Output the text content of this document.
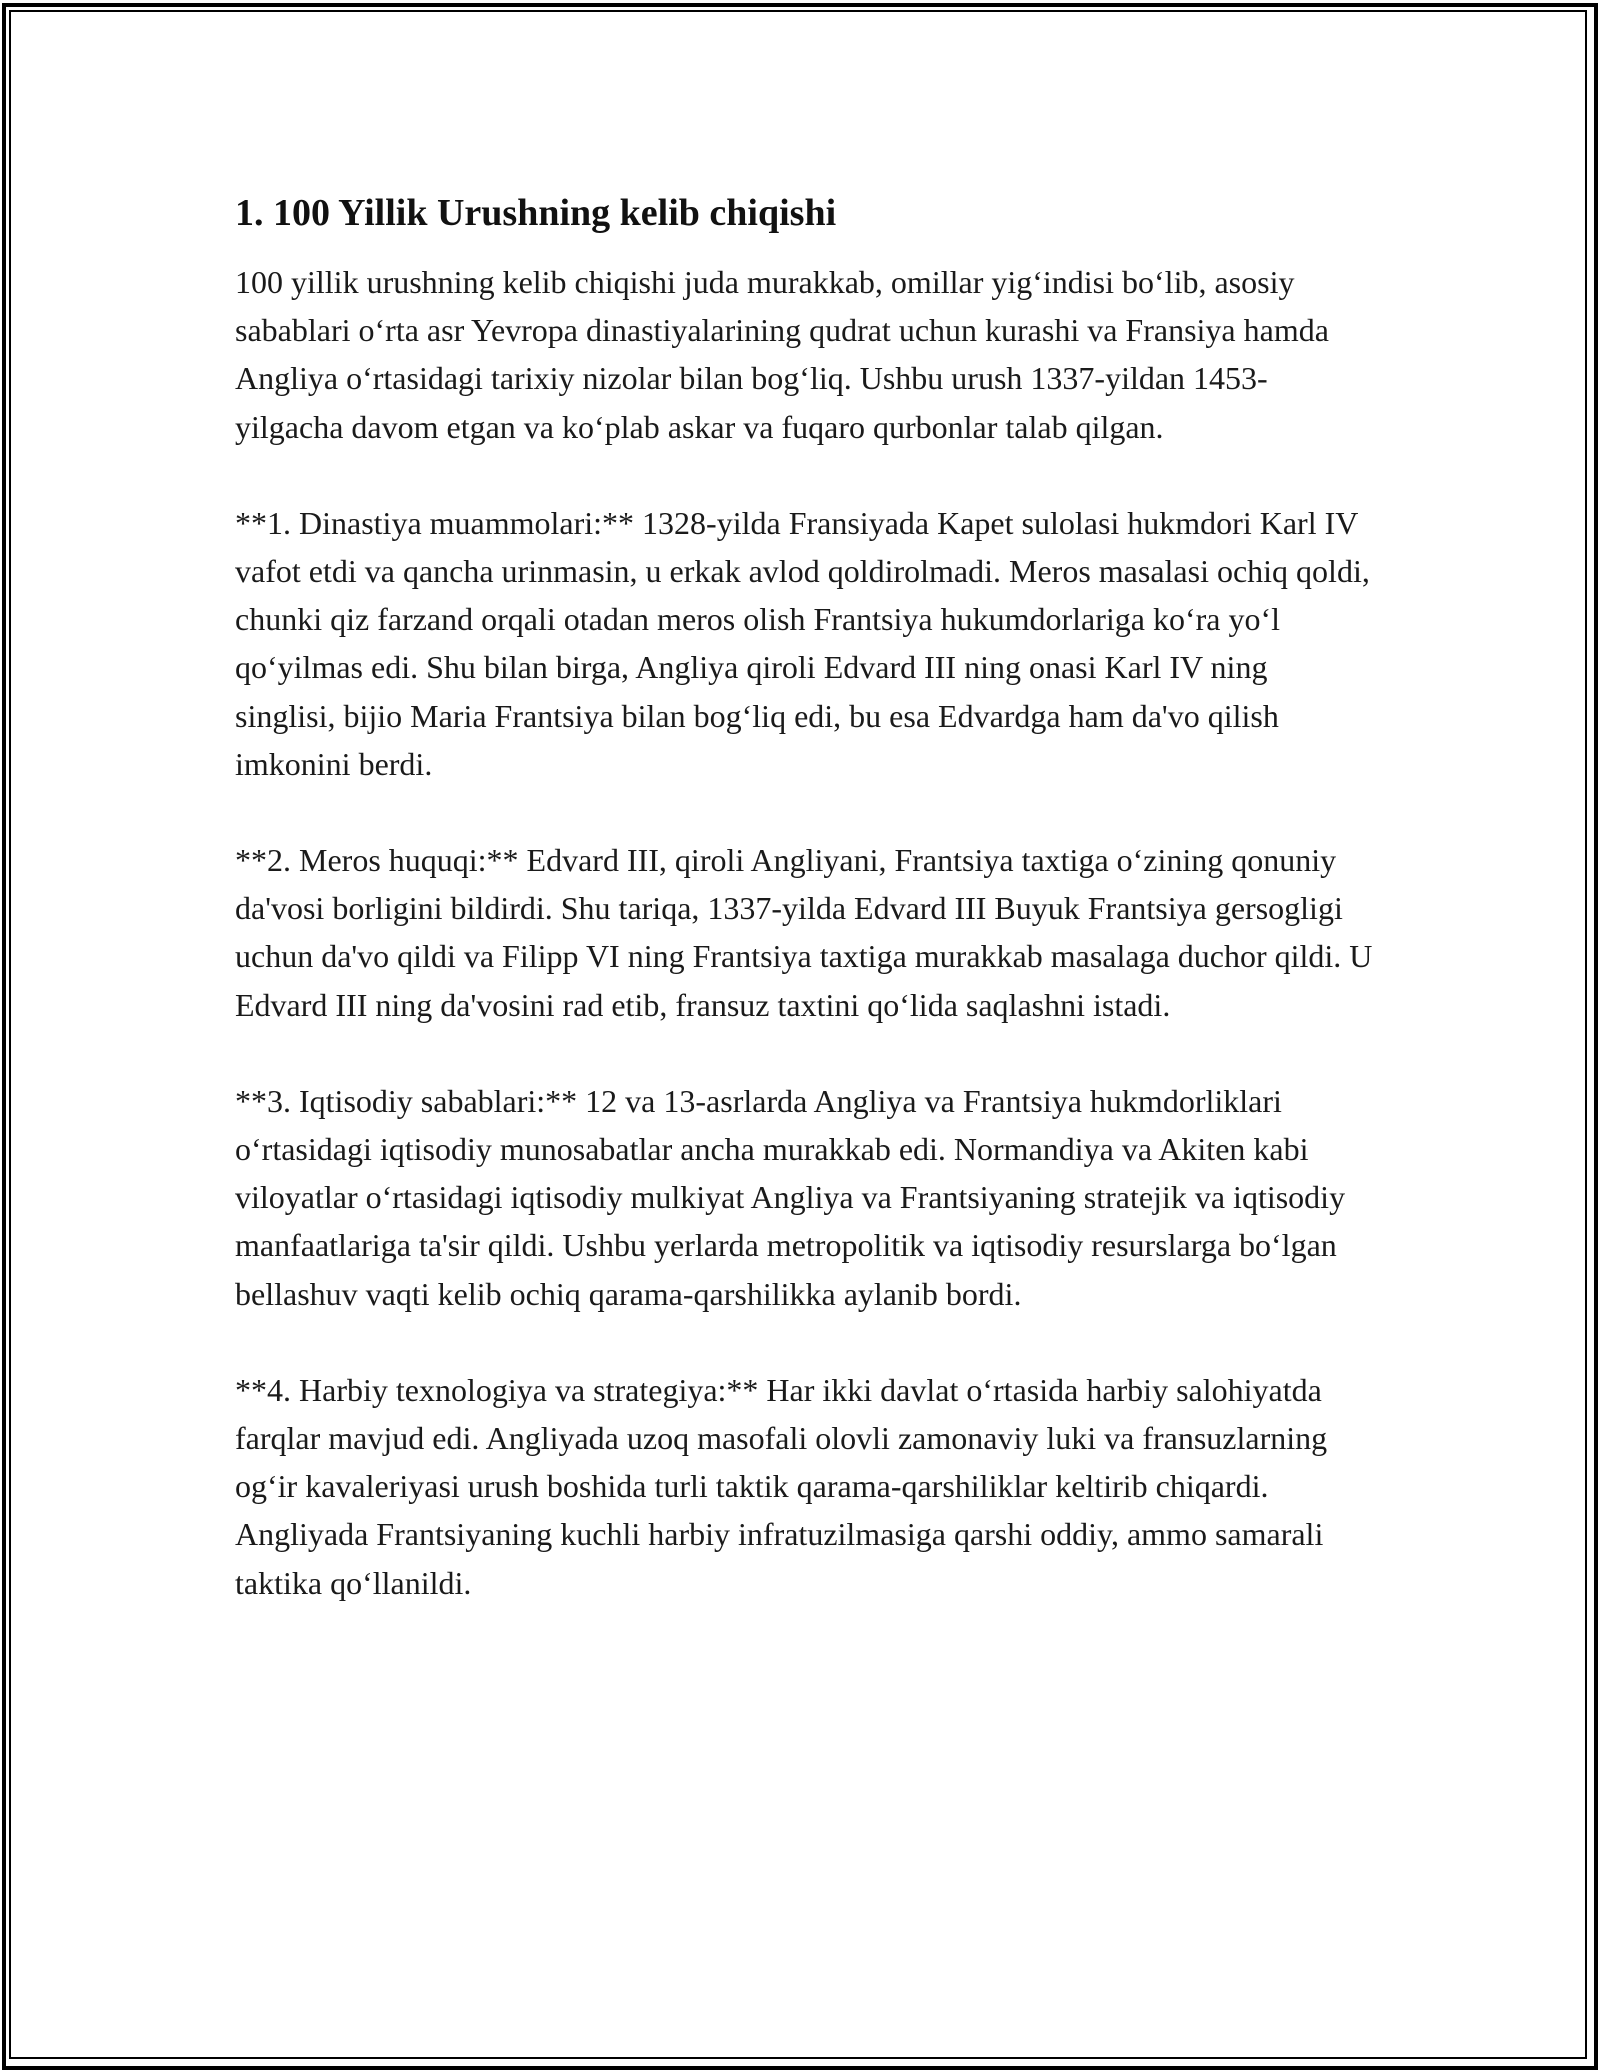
1. 100 Yillik Urushning kelib chiqishi

100 yillik urushning kelib chiqishi juda murakkab, omillar yig‘indisi bo‘lib, asosiy sabablari o‘rta asr Yevropa dinastiyalarining qudrat uchun kurashi va Fransiya hamda Angliya o‘rtasidagi tarixiy nizolar bilan bog‘liq. Ushbu urush 1337-yildan 1453-yilgacha davom etgan va ko‘plab askar va fuqaro qurbonlar talab qilgan.

**1. Dinastiya muammolari:** 1328-yilda Fransiyada Kapet sulolasi hukmdori Karl IV vafot etdi va qancha urinmasin, u erkak avlod qoldirolmadi. Meros masalasi ochiq qoldi, chunki qiz farzand orqali otadan meros olish Frantsiya hukumdorlariga ko‘ra yo‘l qo‘yilmas edi. Shu bilan birga, Angliya qiroli Edvard III ning onasi Karl IV ning singlisi, bijio Maria Frantsiya bilan bog‘liq edi, bu esa Edvardga ham da'vo qilish imkonini berdi.

**2. Meros huquqi:** Edvard III, qiroli Angliyani, Frantsiya taxtiga o‘zining qonuniy da'vosi borligini bildirdi. Shu tariqa, 1337-yilda Edvard III Buyuk Frantsiya gersogligi uchun da'vo qildi va Filipp VI ning Frantsiya taxtiga murakkab masalaga duchor qildi. U Edvard III ning da'vosini rad etib, fransuz taxtini qo‘lida saqlashni istadi.

**3. Iqtisodiy sabablari:** 12 va 13-asrlarda Angliya va Frantsiya hukmdorliklari o‘rtasidagi iqtisodiy munosabatlar ancha murakkab edi. Normandiya va Akiten kabi viloyatlar o‘rtasidagi iqtisodiy mulkiyat Angliya va Frantsiyaning stratejik va iqtisodiy manfaatlariga ta'sir qildi. Ushbu yerlarda metropolitik va iqtisodiy resurslarga bo‘lgan bellashuv vaqti kelib ochiq qarama-qarshilikka aylanib bordi.

**4. Harbiy texnologiya va strategiya:** Har ikki davlat o‘rtasida harbiy salohiyatda farqlar mavjud edi. Angliyada uzoq masofali olovli zamonaviy luki va fransuzlarning og‘ir kavaleriyasi urush boshida turli taktik qarama-qarshiliklar keltirib chiqardi. Angliyada Frantsiyaning kuchli harbiy infratuzilmasiga qarshi oddiy, ammo samarali taktika qo‘llanildi.
